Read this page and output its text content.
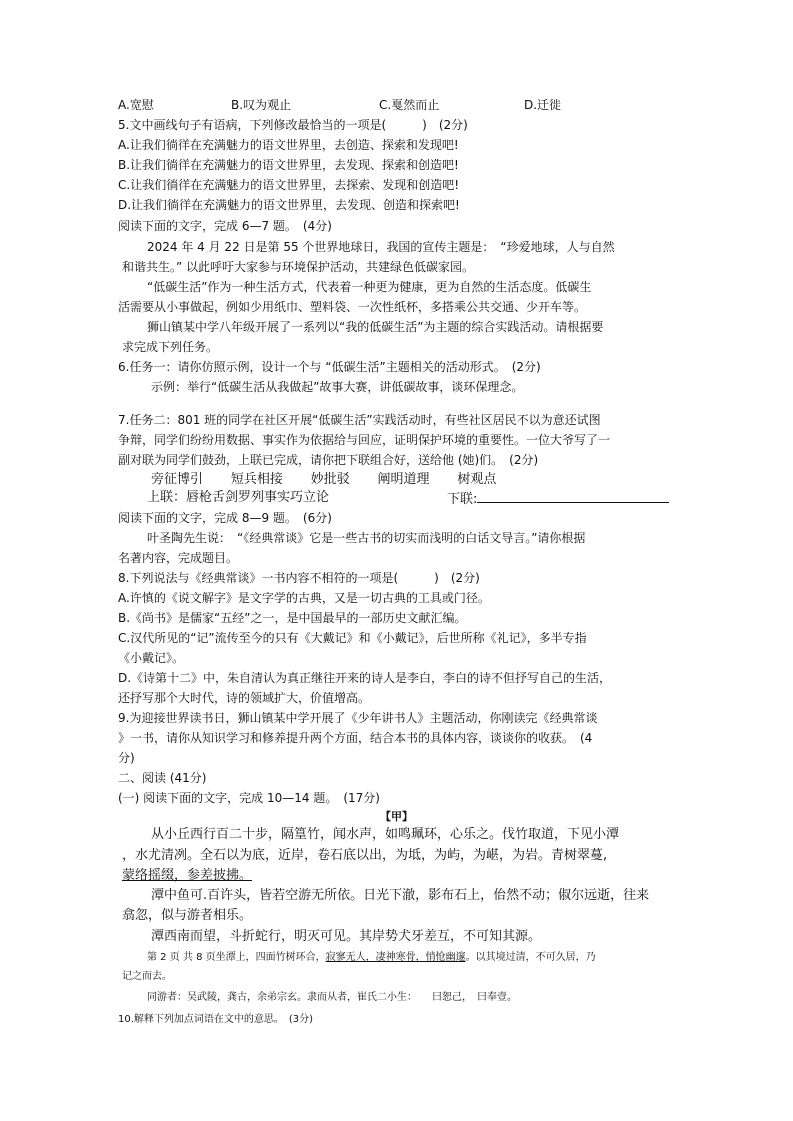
A.宽慰	B.叹为观止	C.戛然而止	D.迁徙
5.文中画线句子有语病，下列修改最恰当的一项是(　　　)　(2分)
A.让我们徜徉在充满魅力的语文世界里，去创造、探索和发现吧!
B.让我们徜徉在充满魅力的语文世界里，去发现、探索和创造吧!
C.让我们徜徉在充满魅力的语文世界里，去探索、发现和创造吧!
D.让我们徜徉在充满魅力的语文世界里，去发现、创造和探索吧!
阅读下面的文字，完成 6—7 题。　(4分)
2024 年 4 月 22 日是第 55 个世界地球日，我国的宣传主题是：　“珍爱地球，人与自然
和谐共生。” 以此呼吁大家参与环境保护活动，共建绿色低碳家园。
“低碳生活”作为一种生活方式，代表着一种更为健康，更为自然的生活态度。低碳生
活需要从小事做起，例如少用纸巾、塑料袋、一次性纸杯，多搭乘公共交通、少开车等。
狮山镇某中学八年级开展了一系列以“我的低碳生活”为主题的综合实践活动。请根据要
求完成下列任务。
6.任务一：请你仿照示例，设计一个与 “低碳生活”主题相关的活动形式。　(2分)
示例：举行“低碳生活从我做起”故事大赛，讲低碳故事，谈环保理念。
7.任务二：801 班的同学在社区开展“低碳生活”实践活动时，有些社区居民不以为意还试图
争辩，同学们纷纷用数据、事实作为依据给与回应，证明保护环境的重要性。一位大爷写了一
副对联为同学们鼓劲，上联已完成，请你把下联组合好，送给他 (她)们。　(2分)
旁征博引 短兵相接 妙批驳 阐明道理 树观点
上联：唇枪舌剑罗列事实巧立论	下联:
阅读下面的文字，完成 8—9 题。　(6分)
叶圣陶先生说：　“《经典常谈》它是一些古书的切实而浅明的白话文导言。”请你根据
名著内容，完成题目。
8.下列说法与《经典常谈》一书内容不相符的一项是(　　　)　(2分)
A.许慎的《说文解字》是文字学的古典，又是一切古典的工具或门径。
B.《尚书》是儒家“五经”之一，是中国最早的一部历史文献汇编。
C.汉代所见的“记”流传至今的只有《大戴记》和《小戴记》，后世所称《礼记》，多半专指
《小戴记》。
D.《诗第十二》中，朱自清认为真正继往开来的诗人是李白，李白的诗不但抒写自己的生活，
还抒写那个大时代，诗的领域扩大，价值增高。
9.为迎接世界读书日，狮山镇某中学开展了《少年讲书人》主题活动，你刚读完《经典常谈
》一书，请你从知识学习和修养提升两个方面，结合本书的具体内容，谈谈你的收获。　(4
分)
二、阅读 (41分)
(一) 阅读下面的文字，完成 10—14 题。　(17分)
【甲】
从小丘西行百二十步，隔篁竹，闻水声，如鸣珮环，心乐之。伐竹取道，下见小潭
，水尤清冽。全石以为底，近岸，卷石底以出，为坻，为屿，为嵁，为岩。青树翠蔓,
蒙络摇缀，参差披拂。
潭中鱼可.百许头，皆若空游无所依。日光下澈，影布石上，佁然不动；俶尔远逝，往来
翕忽，似与游者相乐。
潭西南而望，斗折蛇行，明灭可见。其岸势犬牙差互，不可知其源。
第 2 页 共 8 页坐潭上，四面竹树环合，寂寥无人，凄神寒骨，悄怆幽邃。以其境过清，不可久居，乃
记之而去。
同游者：吴武陵，龚古，余弟宗玄。隶而从者，崔氏二小生：　　曰恕己，　曰奉壹。
10.解释下列加点词语在文中的意思。　(3分)
